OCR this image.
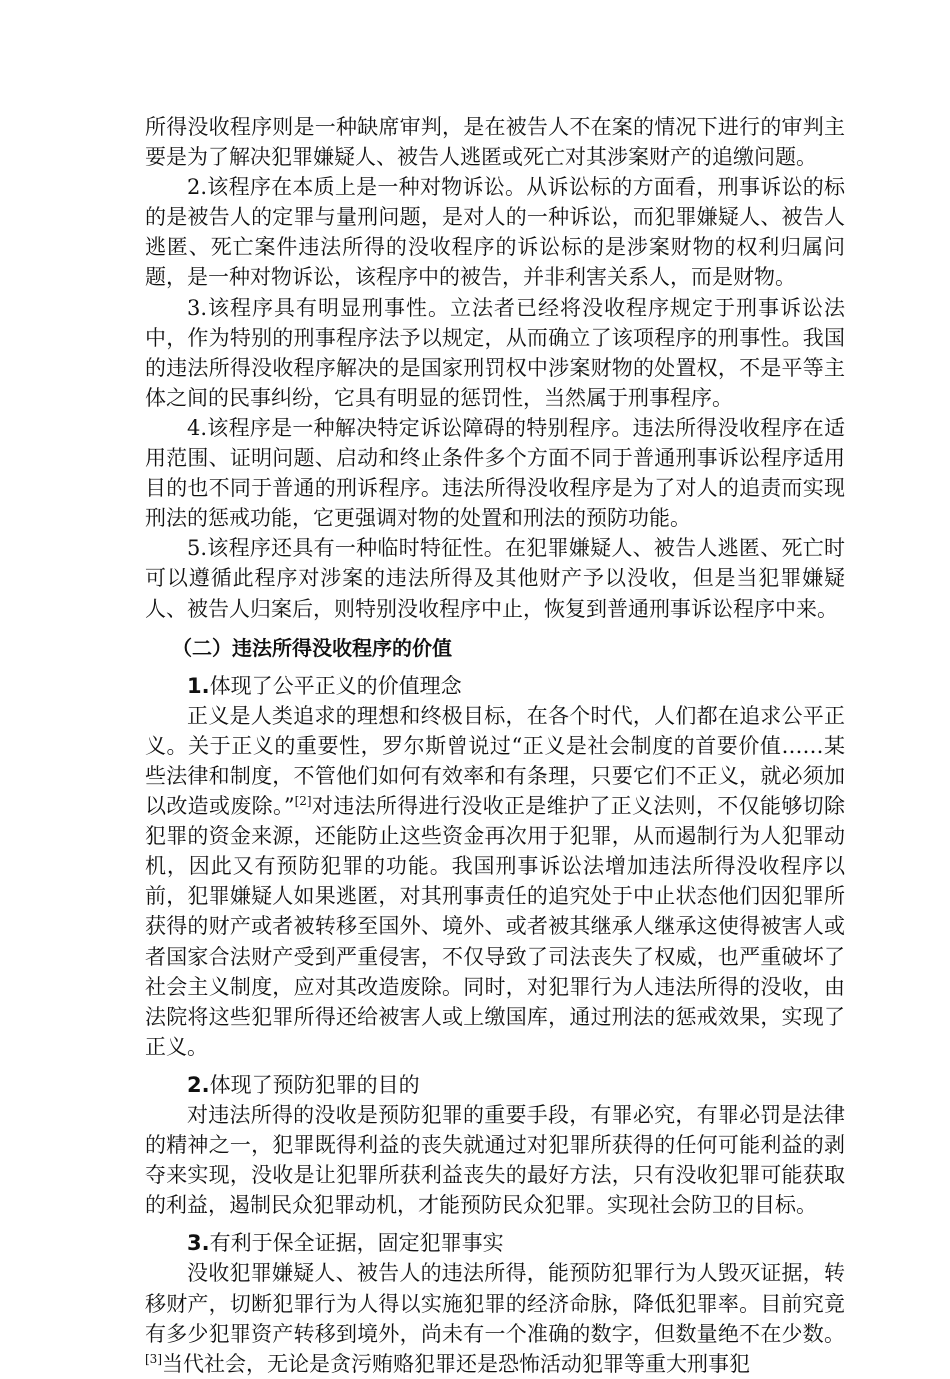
所得没收程序则是一种缺席审判，是在被告人不在案的情况下进行的审判主要是为了解决犯罪嫌疑人、被告人逃匿或死亡对其涉案财产的追缴问题。

2.该程序在本质上是一种对物诉讼。从诉讼标的方面看，刑事诉讼的标的是被告人的定罪与量刑问题，是对人的一种诉讼，而犯罪嫌疑人、被告人逃匿、死亡案件违法所得的没收程序的诉讼标的是涉案财物的权利归属问题，是一种对物诉讼，该程序中的被告，并非利害关系人，而是财物。

3.该程序具有明显刑事性。立法者已经将没收程序规定于刑事诉讼法中，作为特别的刑事程序法予以规定，从而确立了该项程序的刑事性。我国的违法所得没收程序解决的是国家刑罚权中涉案财物的处置权，不是平等主体之间的民事纠纷，它具有明显的惩罚性，当然属于刑事程序。

4.该程序是一种解决特定诉讼障碍的特别程序。违法所得没收程序在适用范围、证明问题、启动和终止条件多个方面不同于普通刑事诉讼程序适用目的也不同于普通的刑诉程序。违法所得没收程序是为了对人的追责而实现刑法的惩戒功能，它更强调对物的处置和刑法的预防功能。

5.该程序还具有一种临时特征性。在犯罪嫌疑人、被告人逃匿、死亡时可以遵循此程序对涉案的违法所得及其他财产予以没收，但是当犯罪嫌疑人、被告人归案后，则特别没收程序中止，恢复到普通刑事诉讼程序中来。

（二）违法所得没收程序的价值

1.体现了公平正义的价值理念

正义是人类追求的理想和终极目标，在各个时代，人们都在追求公平正义。关于正义的重要性，罗尔斯曾说过“正义是社会制度的首要价值……某些法律和制度，不管他们如何有效率和有条理，只要它们不正义，就必须加以改造或废除。”[2]对违法所得进行没收正是维护了正义法则，不仅能够切除犯罪的资金来源，还能防止这些资金再次用于犯罪，从而遏制行为人犯罪动机，因此又有预防犯罪的功能。我国刑事诉讼法增加违法所得没收程序以前，犯罪嫌疑人如果逃匿，对其刑事责任的追究处于中止状态他们因犯罪所获得的财产或者被转移至国外、境外、或者被其继承人继承这使得被害人或者国家合法财产受到严重侵害，不仅导致了司法丧失了权威，也严重破坏了社会主义制度，应对其改造废除。同时，对犯罪行为人违法所得的没收，由法院将这些犯罪所得还给被害人或上缴国库，通过刑法的惩戒效果，实现了正义。

2.体现了预防犯罪的目的

对违法所得的没收是预防犯罪的重要手段，有罪必究，有罪必罚是法律的精神之一，犯罪既得利益的丧失就通过对犯罪所获得的任何可能利益的剥夺来实现，没收是让犯罪所获利益丧失的最好方法，只有没收犯罪可能获取的利益，遏制民众犯罪动机，才能预防民众犯罪。实现社会防卫的目标。

3.有利于保全证据，固定犯罪事实

没收犯罪嫌疑人、被告人的违法所得，能预防犯罪行为人毁灭证据，转移财产，切断犯罪行为人得以实施犯罪的经济命脉，降低犯罪率。目前究竟有多少犯罪资产转移到境外，尚未有一个准确的数字，但数量绝不在少数。[3]当代社会，无论是贪污贿赂犯罪还是恐怖活动犯罪等重大刑事犯
